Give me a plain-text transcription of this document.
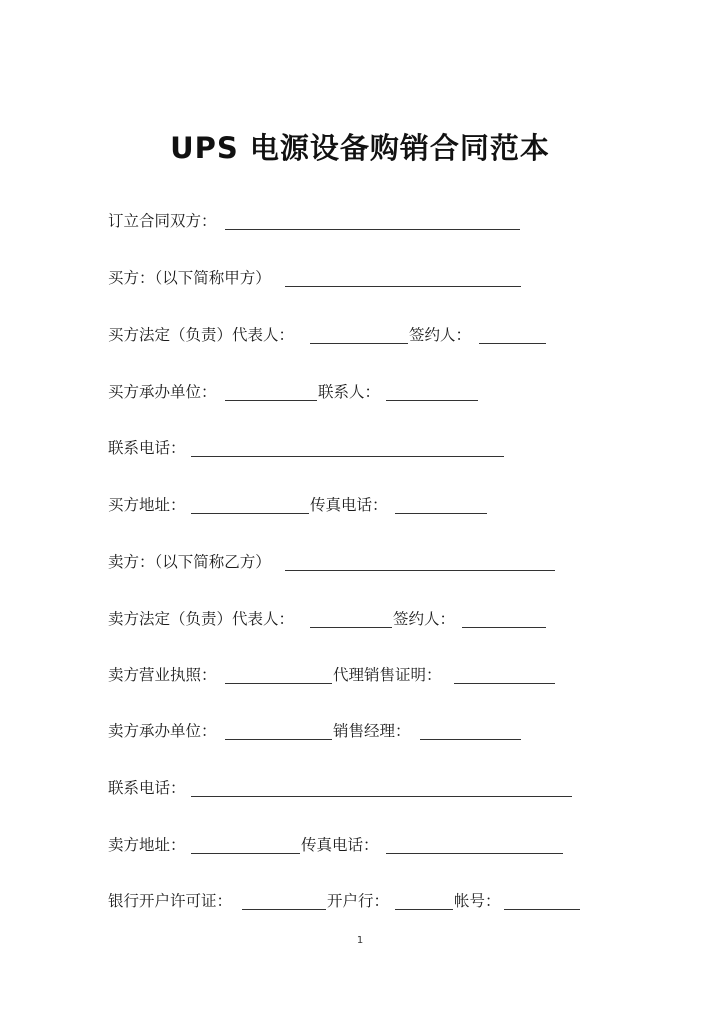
UPS 电源设备购销合同范本
订立合同双方：
买方：（以下简称甲方）
买方法定（负责）代表人：	签约人：
买方承办单位：	联系人：
联系电话：
买方地址：	传真电话：
卖方：（以下简称乙方）
卖方法定（负责）代表人：	签约人：
卖方营业执照：	代理销售证明：
卖方承办单位：	销售经理：
联系电话：
卖方地址：	传真电话：
银行开户许可证：	开户行：	帐号：
1
